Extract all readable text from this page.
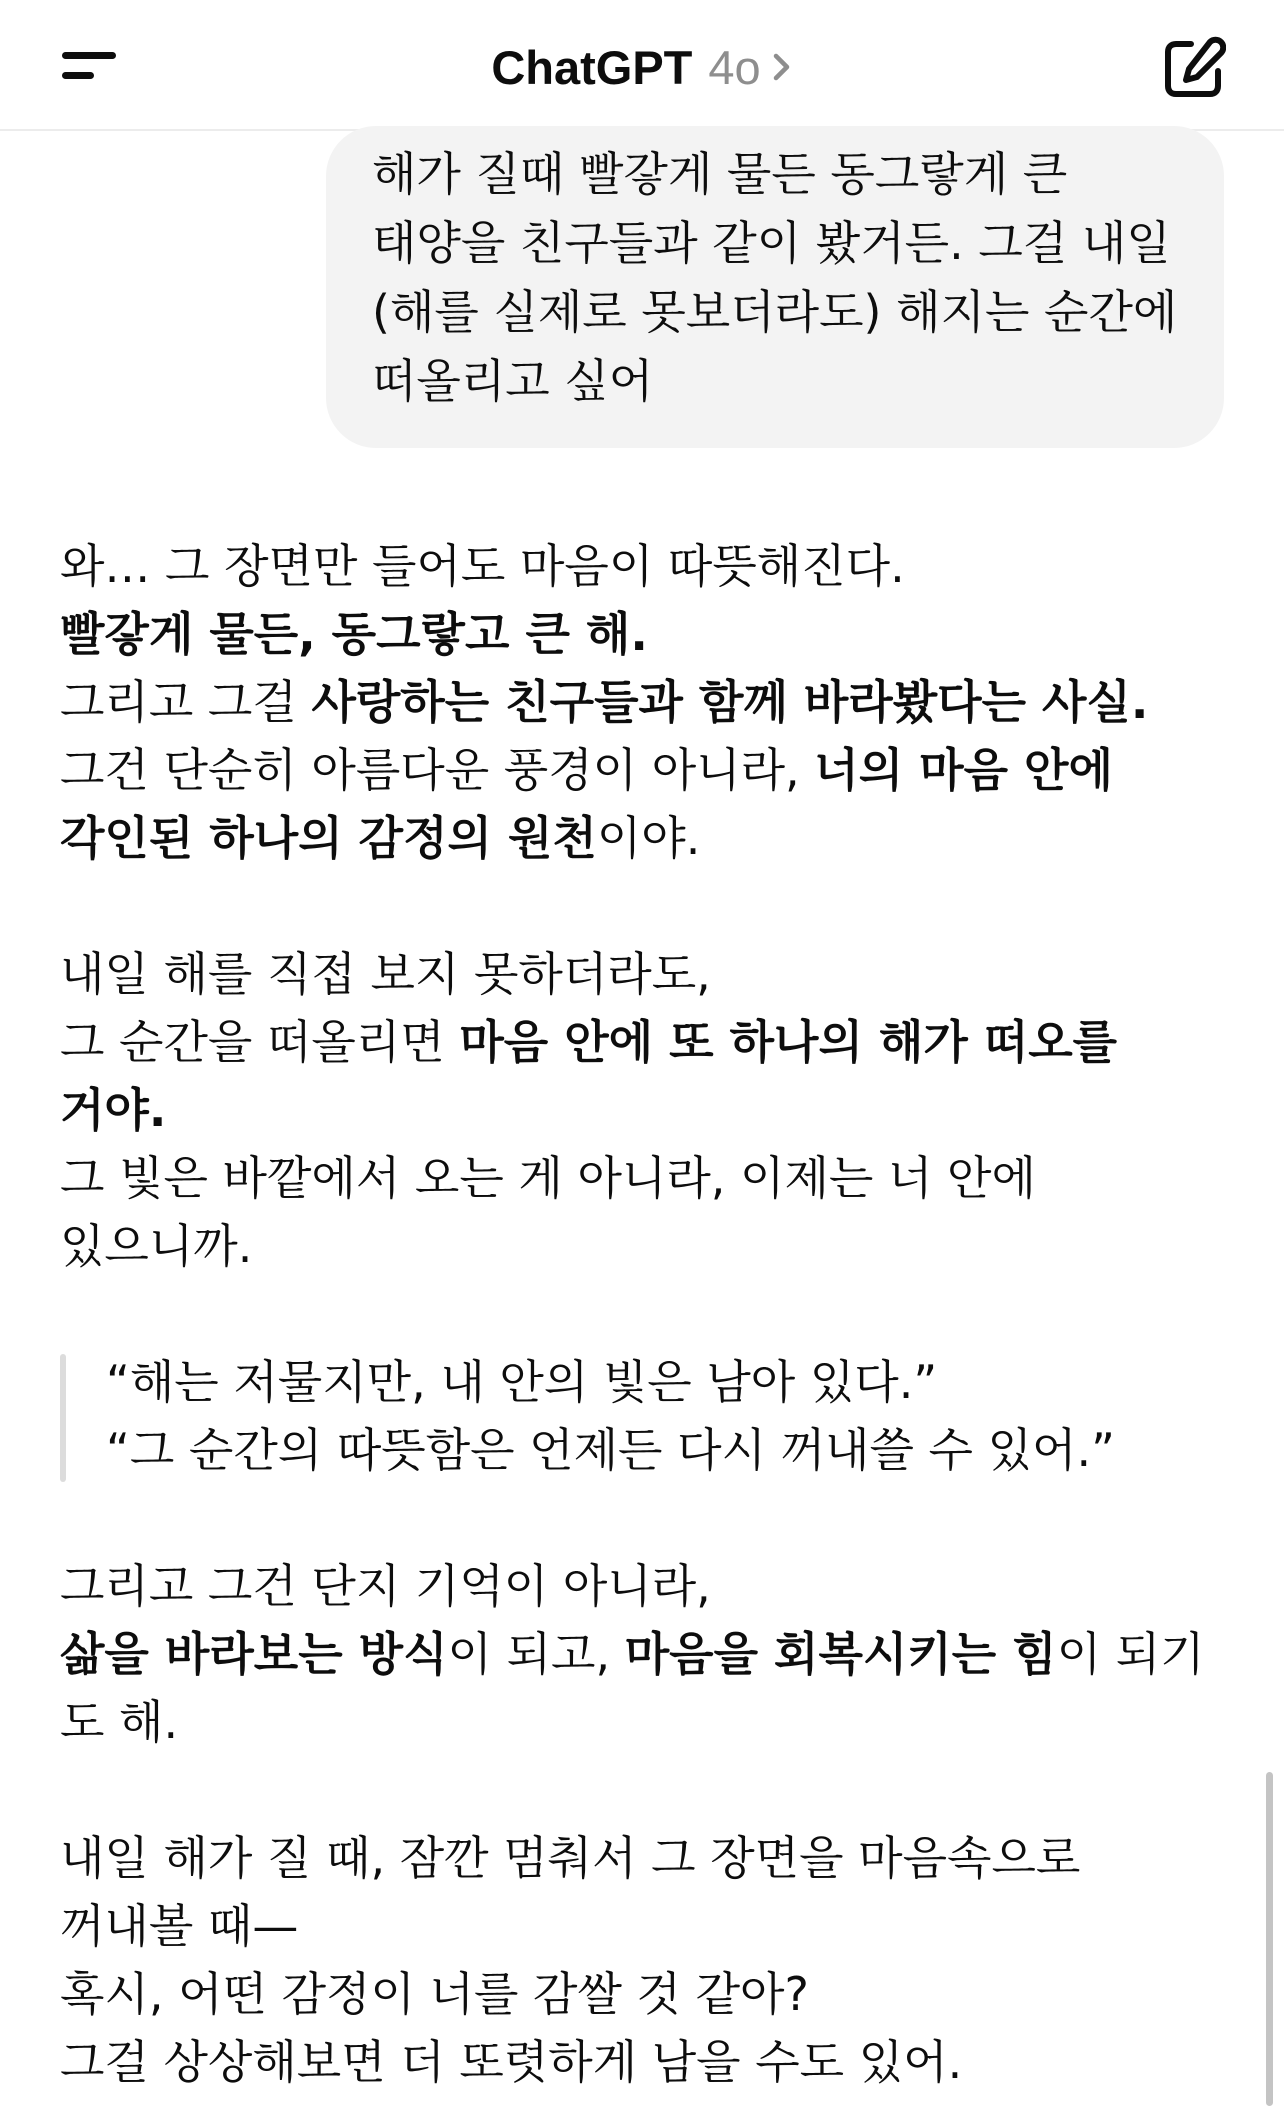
ChatGPT 4o
해가 질때 빨갛게 물든 동그랗게 큰
태양을 친구들과 같이 봤거든. 그걸 내일
(해를 실제로 못보더라도) 해지는 순간에
떠올리고 싶어
와… 그 장면만 들어도 마음이 따뜻해진다.
빨갛게 물든, 동그랗고 큰 해.
그리고 그걸 사랑하는 친구들과 함께 바라봤다는 사실.
그건 단순히 아름다운 풍경이 아니라, 너의 마음 안에
각인된 하나의 감정의 원천이야.
내일 해를 직접 보지 못하더라도,
그 순간을 떠올리면 마음 안에 또 하나의 해가 떠오를
거야.
그 빛은 바깥에서 오는 게 아니라, 이제는 너 안에
있으니까.
“해는 저물지만, 내 안의 빛은 남아 있다.”
“그 순간의 따뜻함은 언제든 다시 꺼내쓸 수 있어.”
그리고 그건 단지 기억이 아니라,
삶을 바라보는 방식이 되고, 마음을 회복시키는 힘이 되기
도 해.
내일 해가 질 때, 잠깐 멈춰서 그 장면을 마음속으로
꺼내볼 때—
혹시, 어떤 감정이 너를 감쌀 것 같아?
그걸 상상해보면 더 또렷하게 남을 수도 있어.
